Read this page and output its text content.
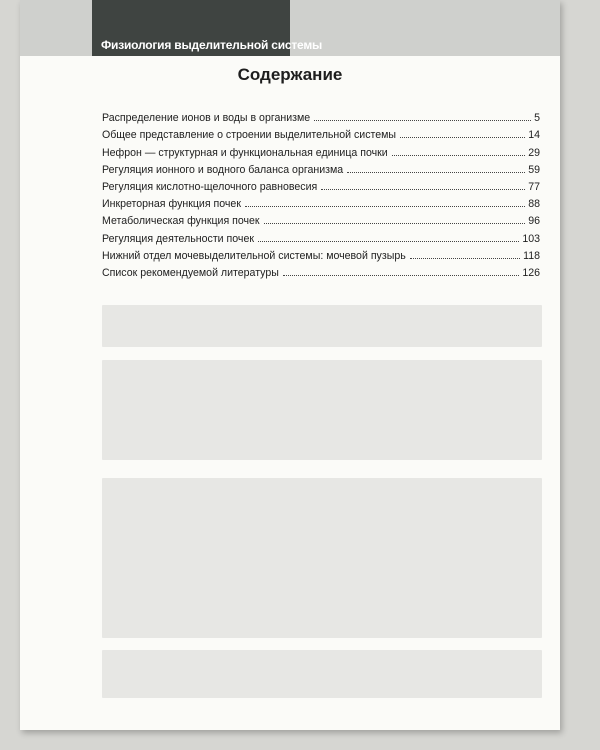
Физиология выделительной системы
Содержание
Распределение ионов и воды в организме	5
Общее представление о строении выделительной системы	14
Нефрон — структурная и функциональная единица почки	29
Регуляция ионного и водного баланса организма	59
Регуляция кислотно-щелочного равновесия	77
Инкреторная функция почек	88
Метаболическая функция почек	96
Регуляция деятельности почек	103
Нижний отдел мочевыделительной системы: мочевой пузырь	118
Список рекомендуемой литературы	126
